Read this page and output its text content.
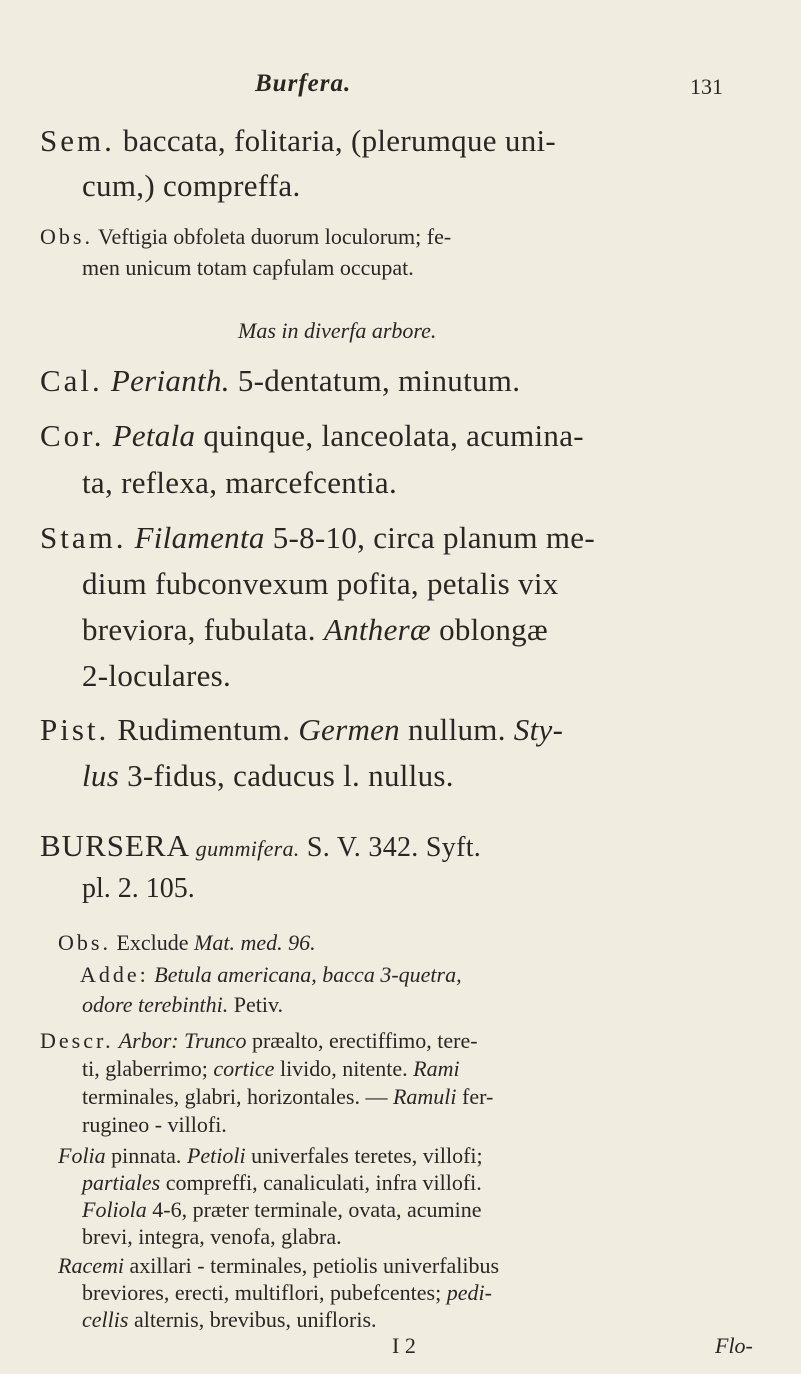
Burfera.	131
Sem. baccata, folitaria, (plerumque uni-
cum,) compreffa.
Obs. Veftigia obfoleta duorum loculorum; fe-
men unicum totam capfulam occupat.
Mas in diverfa arbore.
Cal. Perianth. 5-dentatum, minutum.
Cor. Petala quinque, lanceolata, acumina-
ta, reflexa, marcefcentia.
Stam. Filamenta 5-8-10, circa planum me-
dium fubconvexum pofita, petalis vix
breviora, fubulata. Antheræ oblongæ
2-loculares.
Pist. Rudimentum. Germen nullum. Sty-
lus 3-fidus, caducus l. nullus.
BURSERA gummifera. S. V. 342. Syft.
pl. 2. 105.
Obs. Exclude Mat. med. 96.
Adde: Betula americana, bacca 3-quetra,
odore terebinthi. Petiv.
Descr. Arbor: Trunco præalto, erectiffimo, tere-
ti, glaberrimo; cortice livido, nitente. Rami
terminales, glabri, horizontales. — Ramuli fer-
rugineo - villofi.
Folia pinnata. Petioli univerfales teretes, villofi;
partiales compreffi, canaliculati, infra villofi.
Foliola 4-6, præter terminale, ovata, acumine
brevi, integra, venofa, glabra.
Racemi axillari - terminales, petiolis univerfalibus
breviores, erecti, multiflori, pubefcentes; pedi-
cellis alternis, brevibus, unifloris.
I 2	Flo-
